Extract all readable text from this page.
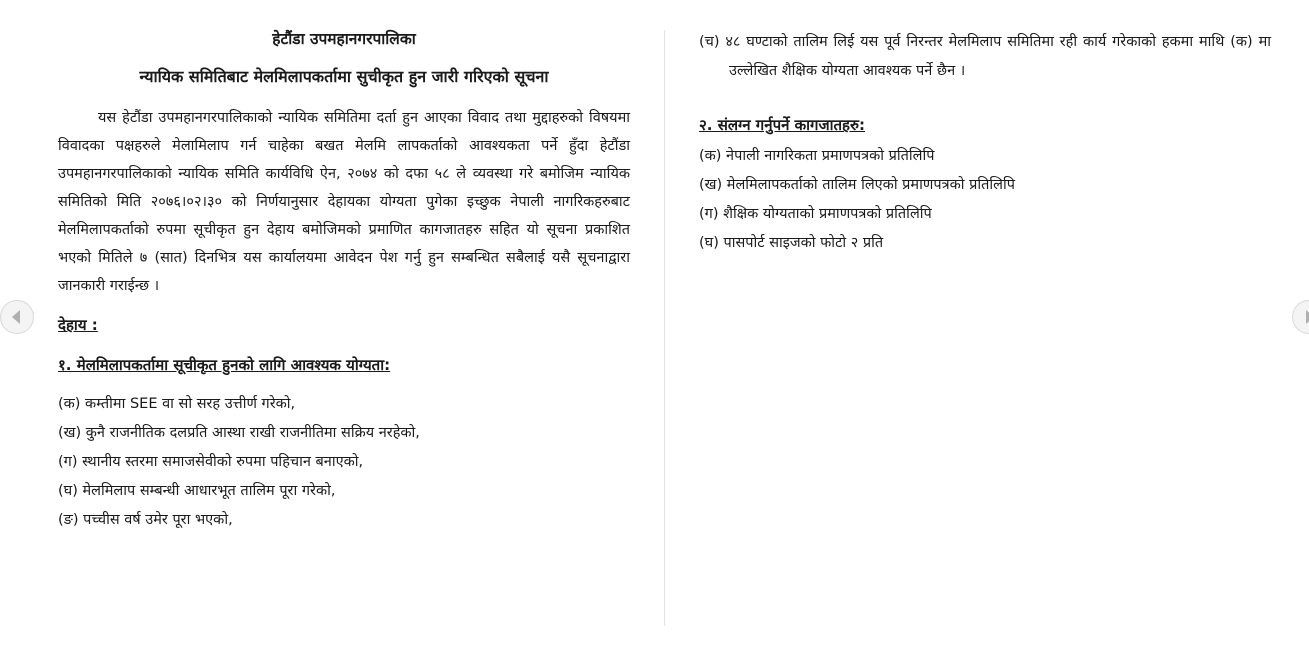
हेटौंडा उपमहानगरपालिका
न्यायिक समितिबाट मेलमिलापकर्तामा सुचीकृत हुन जारी गरिएको सूचना

यस हेटौंडा उपमहानगरपालिकाको न्यायिक समितिमा दर्ता हुन आएका विवाद तथा मुद्दाहरुको विषयमा विवादका पक्षहरुले मेलामिलाप गर्न चाहेका बखत मेलमि लापकर्ताको आवश्यकता पर्ने हुँदा हेटौंडा उपमहानगरपालिकाको न्यायिक समिति कार्यविधि ऐन, २०७४ को दफा ५८ ले व्यवस्था गरे बमोजिम न्यायिक समितिको मिति २०७६।०२।३० को निर्णयानुसार देहायका योग्यता पुगेका इच्छुक नेपाली नागरिकहरुबाट मेलमिलापकर्ताको रुपमा सूचीकृत हुन देहाय बमोजिमको प्रमाणित कागजातहरु सहित यो सूचना प्रकाशित भएको मितिले ७ (सात) दिनभित्र यस कार्यालयमा आवेदन पेश गर्नु हुन सम्बन्धित सबैलाई यसै सूचनाद्वारा जानकारी गराईन्छ ।

देहाय :
१. मेलमिलापकर्तामा सूचीकृत हुनको लागि आवश्यक योग्यता:
(क) कम्तीमा SEE वा सो सरह उत्तीर्ण गरेको,
(ख) कुनै राजनीतिक दलप्रति आस्था राखी राजनीतिमा सक्रिय नरहेको,
(ग) स्थानीय स्तरमा समाजसेवीको रुपमा पहिचान बनाएको,
(घ) मेलमिलाप सम्बन्धी आधारभूत तालिम पूरा गरेको,
(ङ) पच्चीस वर्ष उमेर पूरा भएको,

(च) ४८ घण्टाको तालिम लिई यस पूर्व निरन्तर मेलमिलाप समितिमा रही कार्य गरेकाको हकमा माथि (क) मा उल्लेखित शैक्षिक योग्यता आवश्यक पर्ने छैन ।

२. संलग्न गर्नुपर्ने कागजातहरु:
(क) नेपाली नागरिकता प्रमाणपत्रको प्रतिलिपि
(ख) मेलमिलापकर्ताको तालिम लिएको प्रमाणपत्रको प्रतिलिपि
(ग) शैक्षिक योग्यताको प्रमाणपत्रको प्रतिलिपि
(घ) पासपोर्ट साइजको फोटो २ प्रति
